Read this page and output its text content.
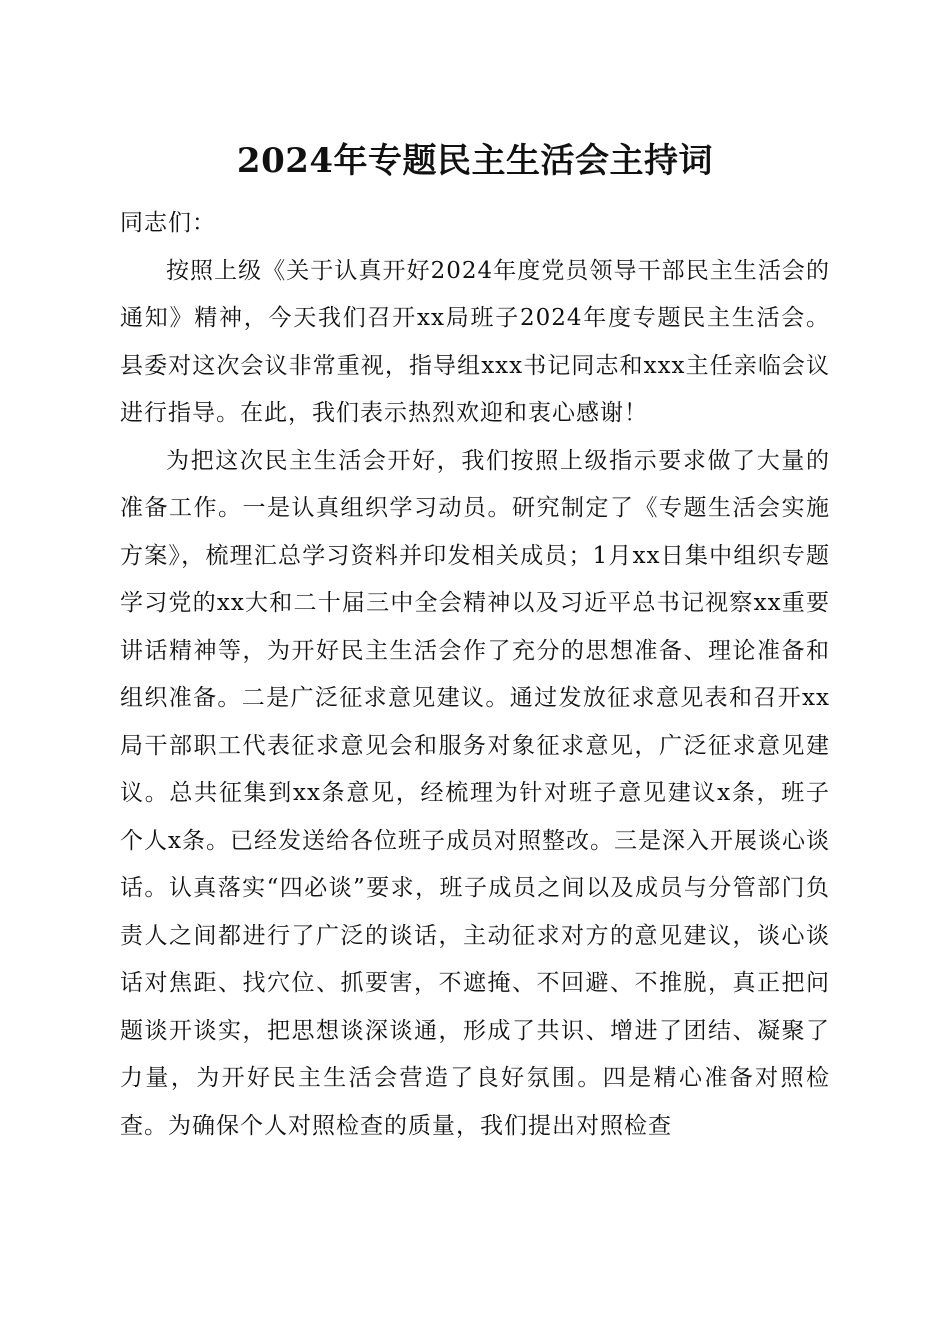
2024年专题民主生活会主持词

同志们：

按照上级《关于认真开好2024年度党员领导干部民主生活会的通知》精神，今天我们召开xx局班子2024年度专题民主生活会。县委对这次会议非常重视，指导组xxx书记同志和xxx主任亲临会议进行指导。在此，我们表示热烈欢迎和衷心感谢！

为把这次民主生活会开好，我们按照上级指示要求做了大量的准备工作。一是认真组织学习动员。研究制定了《专题生活会实施方案》，梳理汇总学习资料并印发相关成员；1月xx日集中组织专题学习党的xx大和二十届三中全会精神以及习近平总书记视察xx重要讲话精神等，为开好民主生活会作了充分的思想准备、理论准备和组织准备。二是广泛征求意见建议。通过发放征求意见表和召开xx局干部职工代表征求意见会和服务对象征求意见，广泛征求意见建议。总共征集到xx条意见，经梳理为针对班子意见建议x条，班子个人x条。已经发送给各位班子成员对照整改。三是深入开展谈心谈话。认真落实“四必谈”要求，班子成员之间以及成员与分管部门负责人之间都进行了广泛的谈话，主动征求对方的意见建议，谈心谈话对焦距、找穴位、抓要害，不遮掩、不回避、不推脱，真正把问题谈开谈实，把思想谈深谈通，形成了共识、增进了团结、凝聚了力量，为开好民主生活会营造了良好氛围。四是精心准备对照检查。为确保个人对照检查的质量，我们提出对照检查
